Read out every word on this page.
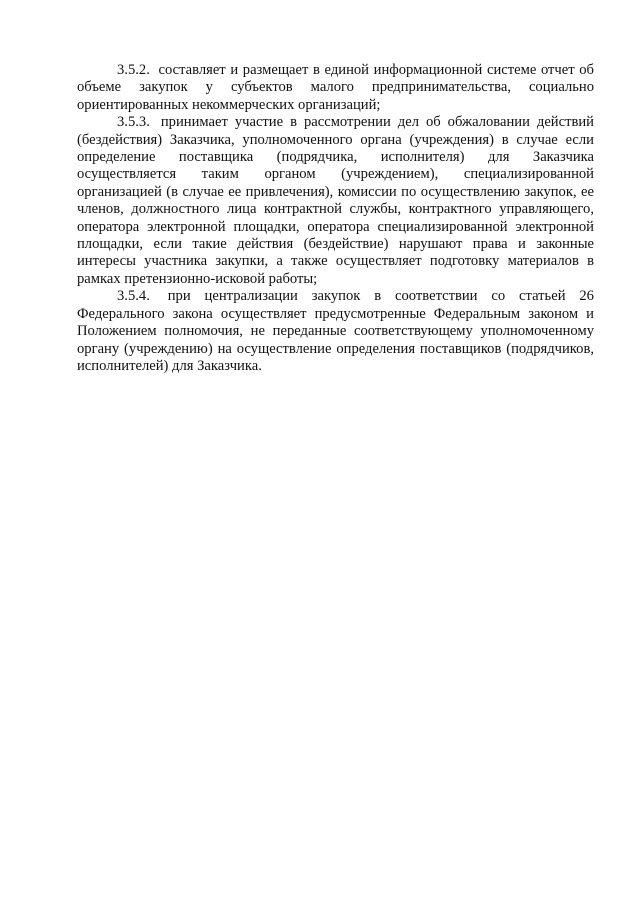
3.5.2. составляет и размещает в единой информационной системе отчет об объеме закупок у субъектов малого предпринимательства, социально ориентированных некоммерческих организаций;

3.5.3. принимает участие в рассмотрении дел об обжаловании действий (бездействия) Заказчика, уполномоченного органа (учреждения) в случае если определение поставщика (подрядчика, исполнителя) для Заказчика осуществляется таким органом (учреждением), специализированной организацией (в случае ее привлечения), комиссии по осуществлению закупок, ее членов, должностного лица контрактной службы, контрактного управляющего, оператора электронной площадки, оператора специализированной электронной площадки, если такие действия (бездействие) нарушают права и законные интересы участника закупки, а также осуществляет подготовку материалов в рамках претензионно-исковой работы;

3.5.4. при централизации закупок в соответствии со статьей 26 Федерального закона осуществляет предусмотренные Федеральным законом и Положением полномочия, не переданные соответствующему уполномоченному органу (учреждению) на осуществление определения поставщиков (подрядчиков, исполнителей) для Заказчика.
